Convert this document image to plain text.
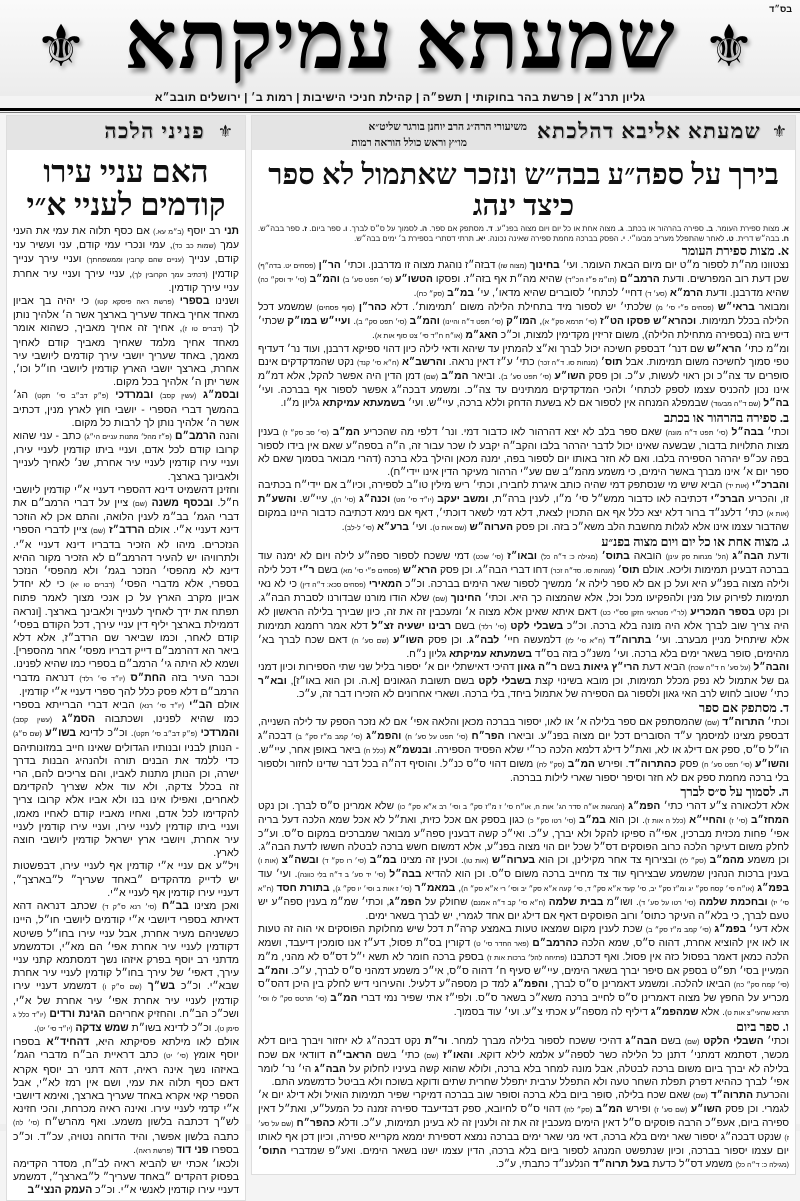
בס״ד
⚜
שמעתא עמיקתא
⚜
גליון תרנ״א | פרשת בהר בחוקותי | תשפ״ה | קהילת חניכי הישיבות | רמות ב׳ | ירושלים תובב״א
⚜
שמעתא אליבא דהלכתא
משיעורי הרה״ג הרב יוחנן בורגר שליט״א
מו״ץ וראש כולל הוראה רמות
בירך על ספה״ע בבה״ש ונזכר שאתמול לא ספר
כיצד ינהג
א. מצות ספירת העומר. ב. ספירה בהרהור או בכתב. ג. מצוה אחת או כל יום ויום מצוה בפנ״ע. ד. מסתפק אם ספר. ה. לסמוך על ס״ס לברך. ו. ספר ביום. ז. ספר בבה״ש. ח. בבה״ש דרית. ט. לאחר שהתפלל מעריב מבעו״י. י. הפסק בברכה מחמת ספירה שאינה נכונה. יא. תרתי דסתרי בספירת ב׳ ימים בבה״ש.
א. מצות ספירת העומר

נצטוונו מה״ת לספור מ״ט יום מיום הבאת העומר. ועי׳ בחינוך (מצוה שו) דבזה״ז נוהגת מצוה זו מדרבנן. וכתי׳ הר״ן (פסחים יט. בדה״ף) שכן דעת רוב המפרשים. ודעת הרמב״ם (תו״מ פ״ז הכ״ד) שהיא מה״ת אף בזה״ז. ופסקו הטשו״ע (סי׳ תפט סע׳ ב) והמ״ב (סי׳ יד וסק״ כה) שהיא מדרבנן. ודעת הרמ״א (סע׳ ד) דחיי׳ לכתחי׳ לסוברים שהיא מדאו׳, עי׳ במ״ב (סק״ כח).

ומבואר בראי״ש (פסחים פ״י סי׳ מ) שלכתי׳ יש לספור מיד בתחילת הלילה משום ׳תמימות׳. דלא כהר״ן (סוף פסחים) שמשמע דכל הלילה בכלל תמימות. וכהרא״ש פסקו הט״ז (סי׳ תרמא סק״ א), המו״ק (סי׳ תפט ד״ה והיינו) והמ״ב (סי׳ תפט סק״ ב). ועיי״ש במו״ק שכתי׳ דיש בזה (בספירה מתחילת הלילה), משום זריזין מקדימין למצות, וכ״כ האג״מ (או״ח ח״ד סי׳ צט סוף אות א).

ומ״מ כתי׳ הרא״ש שם דנר׳ דבספק חשיכה יכול לברך וא״צ להמתין עד שיהא ודאי לילה כיון דהוי ספיקא דרבנן, ועוד נר׳ דעדיף טפי סמוך לחשיכה משום תמימות. אבל תוס׳ (מנחות סו. ד״ה זכר) כתי׳ ע״ז דאין נראה. והרשב״א (ח״א סי׳ קנד) נקט שהמדקדקים אינם סופרים עד צה״כ וכן ראוי לעשות, ע״כ. וכן פסק השו״ע (סי׳ תפט סע׳ ב). וביאר המ״ב (שם) דמן הדין היה אפשר להקל, אלא דמ״מ אינו נכון להכניס עצמו לספק לכתחי׳ ולהכי המדקדקים ממתינים עד צה״כ. ומשמע דבכה״ג אפשר לספור אף בברכה. ועי׳ בה״ל (שם ד״ה מבעוד) שבמפלג המנחה אין לספור אם לא בשעת הדחק וללא ברכה, עיי״ש. ועי׳ בשמעתא עמיקתא גליון מ״ו.

ב. ספירה בהרהור או בכתב

וכתי׳ בבה״ל (סי׳ תפט ד״ה מונה) שאם ספר בלב לא יצא דהרהור לאו כדבור דמי. ונר׳ דלפי מה שהכריע המ״ב (סי׳ סב סק״ ז) בענין מצות התלויות בדבור, שבשעה שאינו יכול לדבר יהרהר בלבו והקב״ה יקבע לו שכר עבור זה, ה״ה בספה״ע שאם אין בידו לספור בפה עכ״פ יהרהר הספירה בלבו. ואם לא חזר באותו יום לספור בפה, ימנה מכאן והילך בלא ברכה (דהרי מבואר בסמוך שאם לא ספר יום א׳ אינו מברך באשר הימים, כי משמע מהמ״ב שם שע״י הרהור מעיקר הדין אינו יידי״ח).

והברכ״י (אות יד) הביא שיש מי שנסתפק דמי שהיה כותב איגרת לחבירו, וכתי׳ ריש מילין טו״ב לספירה, וכיו״ב אם יידי״ח בכתיבה זו, והכריע הברכ״י דכתיבה לאו כדבור ממש״ל סי׳ מ״ו, לענין ברה״ת, ומשב יעקב (יו״ד סי׳ מט) וכנה״ג (סי׳ רו), עיי״ש. והשע״ת (אות א) כתי׳ דלענ״ד ברור דלא יצא כלל אף אם התכוין לצאת, דלא דמי לשאר דוכתי׳, דאף אם נימא דכתיבה כדבור היינו במקום שהדבור עצמו אינו אלא לגלות מחשבת הלב משא״כ בזה. וכן פסק הערוה״ש (שם אות ט). ועי׳ ברע״א (סי׳ ל-לב).

ג. מצוה אחת או כל יום ויום מצוה בפנ״ע

ודעת הבה״ג (הל׳ מנחות סק עינן) הובאה בתוס׳ (מגילה כ: ד״ה כל) ובאו״ז (סי׳ שכט) דמי ששכח לספור ספה״ע לילה ויום לא ימנה עוד בברכה דבעינן תמימות וליכא. אולם תוס׳ (מנחות סו. סד״ה זכר) דחו דברי הבה״ג. וכן פסק הרא״ש (פסחים פ״י סי׳ מא) בשם ר״י דכל לילה ולילה מצוה בפנ״ע היא ועל כן אם לא ספר לילה א׳ ממשיך לספור שאר הימים בברכה. וכ״כ המאירי (פסחים סכא: ד״ה דין) כי לא נאי תמימות לפירוק עול מנין ולהפקיעו מכל וכל, אלא שהמצוה כך היא. וכתי׳ החינוך (שם) שלא הודו מורנו שבדורנו לסברת הבה״ג. וכן נקט בספר המכריע (לר״י מטראני הזקן סס״י כט) דאם איתא שאינן אלא מצוה א׳ ומעכבין זה את זה, כיון שבירך בלילה הראשון לא היה צריך שוב לברך אלא היה מונה בלא ברכה. וכ״כ בשבלי לקט (סי׳ רלד) בשם רבינו ישעיה זצ״ל דלא אמר רחמנא תמימות אלא שיתחיל מניין מבערב. ועי׳ בתרוה״ד (ח״א סי׳ לז) דלמעשה חיי׳ לבה״ג. וכן פסק השו״ע (שם סע׳ ח) דאם שכח לברך בא׳ מהימים, סופר בשאר ימים בלא ברכה. ועי׳ משנ״כ בזה בס״ד בשמעתא עמיקתא גליון נ״ח.

והבה״ל (על סע׳ ח ד״ה שכח) הביא דעת הרי״ץ גיאות בשם ר״ה גאון דהיכי דאישתלי יום א׳ יספור בליל שני שתי הספירות וכיון דמני גם של אתמול לא נפק מכלל תמימות, וכן מובא בשינוי קצת בשבלי לקט בשם תשובת הגאונים [א.ה. וכן הוא באו״ז], ובא״ר כתי׳ שטוב לחוש לרב האי גאון ולספור גם הספירה של אתמול ביחד, בלי ברכה. ושארי אחרונים לא הזכירו דבר זה, ע״כ.

ד. מסתפק אם ספר

וכתי׳ התרוה״ד (שם) שהמסתפק אם ספר בלילה א׳ או לאו, יספור בברכה מכאן והלאה אפי׳ אם לא נזכר הספק עד לילה השנייה, דבספק מצינו למיסמך ע״ד הסוברים דכל יום מצוה בפנ״ע. וביארו הפר״ח (סי׳ תפט על סע׳ ח) והפמ״ג (סי׳ קמב מ״ז סק״ ב) דבכה״ג הו״ל ס״ס, ספק אם דילג או לא, ואת״ל דילג דלמא הלכה כר״י שלא הפסיד הספירה. ובנשמ״א (כלל ח) ביאר באופן אחר, עיי״ש. והשו״ע (סי׳ תפט סע׳ ח) פסק כהתרוה״ד. ופירש המ״ב (סק״ לח) משום דהוי ס״ס כנ״ל. והוסיף דה״ה בכל דבר שדינו לחזור ולספור בלי ברכה מחמת ספק אם לא חזר וסיפר יספור שארי לילות בברכה.

ה. לסמוך על ס״ס לברך

אלא דלכאורה צ״ע דהרי כתי׳ הפמ״ג (הנהגות או״ה סדר הג׳ אות ח, או״ח סי׳ ז מ״ז סק״ ב וסי׳ רב א״א סק״ כו) שלא אמרינן ס״ס לברך. וכן נקט המחז״ב (סי׳ ז) והחיי״א (כלל ה אות ז). וכן הוא במ״ב (סי׳ רטו סק״ כ) כגון בספק אם אכל כזית, ואת״ל לא אכל שמא הלכה דעל בריה אפי׳ פחות מכזית מברכין, אפי״ה ספיקו להקל ולא יברך, ע״כ. ואי״כ קשה דבענין ספה״ע מבואר שמברכים במקום ס״ס. וע״כ לחלק משום דעיקר הלכה כרוב הפוסקים דס״ל שכל יום הוי מצוה בפנ״ע, אלא דמשום חשש ברכה לבטלה חששו לדעת הבה״ג. וכן משמע מהמ״ב (סק״ לז) ובצירוף צד אחר מקילינן, וכן הוא בערוה״ש (אות טו). וכעין זה מצינו במ״ב (סי׳ רו סק״ ד) ובשה״צ (אות ו) בענין ברכות הנהנין שמשמע שבצירוף עוד צד מחייב ברכה משום ס״ס. וכן הוא להדיא בבה״ל (סי׳ יד סע׳ ב ד״ה בלי כוונה). ועי׳ עוד בפמ״ג (או״ח סי׳ קסח סק״ יג ומ״ז סק״ יב, סי׳ קעד א״א סק״ ד, סי׳ קעה א״א סק״ יב וסי׳ רי א״א סק״ ה), במאמ״ר (סי׳ ז אות ב וסי׳ יו סק״ ג), בתורת חסד (ח״א סי׳ יז) ובחכמת שלמה (סי׳ רטו על סע׳ ד). ושו״מ בבית שלמה (ח״א סי׳ קב ד״ה אמנם) שחולק על הפמ״ג, וכתי׳ שמ״מ בענין ספה״ע יש טעם לברך, כי בלא״ה העיקר כתוס׳ ורוב הפוסקים דאף אם דילג יום אחד לגמרי, יש לברך בשאר ימים.

אלא דעי׳ בפמ״ג (סי׳ קמב מ״ז סק״ ב) שכת לענין מקום שמצאו טעות באמצע קרה״ת דכל שיש מחלוקת הפוסקים אי הוה זה טעות או לאו אין להוציא אחרת, דהוה ס״ס, שמא הלכה כהרמב״ם (פאר החדר סי׳ ט) דקורין בס״ת פסול, דע״ז אנו סומכין דיעבד, ושמא הלכה כמאן דאמר בפסול כזה אין פסול. ואף דכתבנו (פתיחה להל׳ ברכות אות ז) בספק ברכה חומר לא תשא י״ל דס״ס לא מהני, מ״מ המעיין בסי׳ תפ״ט בספק אם סיפר יברך בשאר הימים, עיי״ש סעיף ח׳ דהוה ס״ס, אי״כ משמע דמהני ס״ס לברך, ע״כ. והמ״ב (סי׳ קמח סק״ כה) הביאו להלכה. ומשמע דאמרינן ס״ס לברך, והפמ״ג למד כן מספה״ע דלעיל. והעירוני דיש לחלק בין היכן דהס״ס מכריע על החפץ של מצוה דאמרינן ס״ס לחייב ברכה משא״כ בשאר ס״ס. ולפי״ז אתי שפיר נמי דברי המ״ב (סי׳ תרטס סק״ לו וסי׳ תרצא שהעי״צ אות ט). אלא שמהפמ״ג דיליף לה מספה״ע אכתי צ״ע. ועי׳ עוד בסמוך.

ו. ספר ביום

וכתי׳ השבלי הלקט (שם) בשם הבה״ג דהיכי ששכח לספור בלילה מברך למחר. ור״ת נקט דבכה״ג לא יחזור ויברך ביום דלא מכשר, דסתמא דמתני׳ דתנן כל הלילה כשר לספה״ע אלמא לילא דוקא. והאו״ז (שם) כתי׳ בשם הראבי״ה דוודאי אם שכח בלילה לא יברך ביום משום ברכה לבטלה, אבל מונה למחר בלא ברכה, ולולא שהוא קשה בעיניו לחלוק על הבה״ג הי׳ נר׳ לומר אפי׳ לברך כההיא דפרק תפלת השחר טעה ולא התפלל ערבית יתפלל שחרית שתים ודוקא בשוכח ולא בביטל כדמשמע התם.

והכרעת התרוה״ד (שם) שאם שכח בלילה, סופר ביום בלא ברכה וסופר שוב בברכה דמיקרי שפיר תמימות הואיל ולא דילג יום א׳ לגמרי. וכן פסק השו״ע (שם סע׳ ז) ופירש המ״ב (סק״ לה) דהוי ס״ס לחיובא, ספק דבדיעבד ספירה זמנה כל המעל״ע, ואת״ל דאין ספירה ביום, אעפ״כ הרבה פוסקים ס״ל דאין הימים מעכבין זה את זה ולענין זה לא בעינן תמימות, ע״כ. ודלא כהפר״ח (שם על סע׳ ז) שנקט דבכה״ג יספור שאר ימים בלא ברכה, דאי מני שאר ימים בברכה נמצא דספירת יממא מקרייא ספירה, וכיון דכן אף לאותו יום עצמו יספור בברכה, וכיון שנתפשט המנהג לספור ביום בלא ברכה, הדין עצמו ישנו בשאר הימים. ואע״פ שמדברי התוס׳ (מגילה כ: ד״ה כל) משמע דס״ל כדעת בעל תרוה״ד הנלענ״ד כתבתי, ע״כ.

⚜
פניני הלכה
האם עניי עירו
קודמים לעניי א״י

תני רב יוסף (ב״מ עא.) אם כסף תלוה את עמי את העני עמך (שמות כב כד), עמי ונכרי עמי קודם, עני ועשיר עני קודם, ענייך (עניים שהם קרובין וממשפחתך) ועניי עירך ענייך קודמין (דכתיב עמך הקרובין לך), עניי עירך ועניי עיר אחרת עניי עירך קודמין.

ושנינו בספרי (פרשת ראה פיסקא קטו) כי יהיה בך אביון מאחד אחיך באחד שעריך בארצך אשר ה׳ אלהיך נותן לך (דברים טו ז), אחיך זה אחיך מאביך, כשהוא אומר מאחד אחיך מלמד שאחיך מאביך קודם לאחיך מאמך, באחד שעריך יושבי עירך קודמים ליושבי עיר אחרת, בארצך יושבי הארץ קודמין ליושבי חו״ל וכו׳, אשר יתן ה׳ אלהיך בכל מקום.

ובסמ״ג (עשין קסב) ובמרדכי (פ״ק דב״ב סי׳ תקט) הג׳ בהמשך דברי הספרי - יושבי חוץ לארץ מנין, דכתיב אשר ה׳ אלהיך נותן לך לרבות כל מקום.

והנה הרמב״ם (פ״ז מהל׳ מתנות עניים הי״ג) כתב - עני שהוא קרובו קודם לכל אדם, ועניי ביתו קודמין לעניי עירו, ועניי עירו קודמין לעניי עיר אחרת, שנ׳ לאחיך לענייך ולאביונך בארצך.

וחזינן דהשמיט דינא דהספרי דעניי א״י קודמין ליושבי ח״ל. ובכסף משנה (שם) ציין על דברי הרמב״ם את דברי הגמ׳ בב״מ לענין הלואה, והתם אכן לא הוזכר דינא דעניי א״י. אולם הרדב״ז (שם) ציין לדברי הספרי הנזכרים. מיהו לא הזכיר בדבריו דינא דעניי א״י. ולתרוויהו יש להעיר דהרמב״ם לא הזכיר מקור ההיא דינא לא מהפסי׳ הנזכר בגמ׳ ולא מהפסי׳ הנזכר בספרי, אלא מדברי הפסי׳ (דברים טו יא) כי לא יחדל אביון מקרב הארץ על כן אנכי מצוך לאמר פתוח תפתח את ידך לאחיך לענייך ולאבינך בארצך. [ונראה דממילת בארצך יליף דין עניי עירך, דכל הקודם בפסי׳ קודם לאחר, וכמו שביאר שם הרדב״ז, אלא דלא ביאר הא דהרמב״ם דייק דבריו מפסי׳ אחר מהספרי]. ושמא לא היתה גי׳ הרמב״ם בספרי כמו שהיא לפנינו.

וכבר העיר בזה החת״ס (יו״ד סי׳ רלד) דנראה מדברי הרמב״ם דלא פסק כלל להך ספרי דעניי א״י קודמין.

אולם הב״י (יו״ד סי׳ רנא) הביא דברי הברייתא בספרי כמו שהיא לפנינו, ושכתבוה הסמ״ג (עשין קסב) והמרדכי (פ״ק דב״ב סי׳ תקט). וכ״כ לדינא בשו״ע (שם ס״ג) - הנותן לבניו ובנותיו הגדולים שאינו חייב במזונותיהם כדי ללמד את הבנים תורה ולהנהיג הבנות בדרך ישרה, וכן הנותן מתנות לאביו, והם צריכים להם, הרי זה בכלל צדקה, ולא עוד אלא שצריך להקדימם לאחרים, ואפילו אינו בנו ולא אביו אלא קרובו צריך להקדימו לכל אדם, ואחיו מאביו קודם לאחיו מאמו, ועניי ביתו קודמין לעניי עירו, ועניי עירו קודמין לעניי עיר אחרת, ויושבי ארץ ישראל קודמין ליושבי חוצה לארץ.

ויל״ע אם עניי א״י קודמין אף לעניי עירו, דבפשטות יש לדייק מדהקדים ״באחד שעריך״ ל״בארצך״, דעניי עירו קודמין אף לעניי א״י.

ואכן מצינו בב״ח (סי׳ רנא ס״ק ד) שכתב דנראה דהא דאיתא בספרי דיושבי א״י קודמים ליושבי חו״ל, היינו כששניהם מעיר אחרת, אבל עניי עירו בחו״ל פשיטא דקודמין לעניי עיר אחרת אפי׳ הם מא״י, וכדמשמע מדתני רב יוסף בפרק איזהו נשך דמסתמא קתני עניי עירך, דאפי׳ של עירך בחו״ל קודמין לעניי עיר אחרת שבא״י. וכ״כ בש״ך (שם ס״ק ו) דמשמע דעניי עירו קודמין לעניי עיר אחרת אפי׳ עיר אחרת של א״י, ושכ״כ הב״ח. והחזיק אחריהם הגינת ורדים (יו״ד כלל ג סימן ט). וכ״כ לדינא בשו״ת שמש צדקה (יו״ד סי׳ יט).

אולם לאו מילתא פסיקתא היא, דהחיד״א בספרו יוסף אומץ (סי׳ יט) כתב דראיית הב״ח מדברי הגמ׳ באיזהו נשך אינה ראיה, דהא דתני רב יוסף אקרא דאם כסף תלוה את עמי, ושם אין רמז לא״י, אבל הספרי קאי אקרא באחד שעריך בארצך, ואימא דיושבי א״י קדמי לעניי עירו. ואינה ראיה מכרחת, והכי חזינא לש״ך דכתבה בלשון משמע. ואף מהרש״ח (סי׳ לה) כתבה בלשון אפשר, והיד הדוחה נטויה, עכ״ד. וכ״כ בספרו פני דוד (פרשת ראה).

ולכאו׳ אכתי יש להביא ראיה לב״ח, מסדר הקדימה בפסוק דהקדים ״באחד שעריך״ ל״בארצך״, דמשמע דעניי עירו קודמין לאנשי א״י. וכ״כ העמק הנצי״ב
